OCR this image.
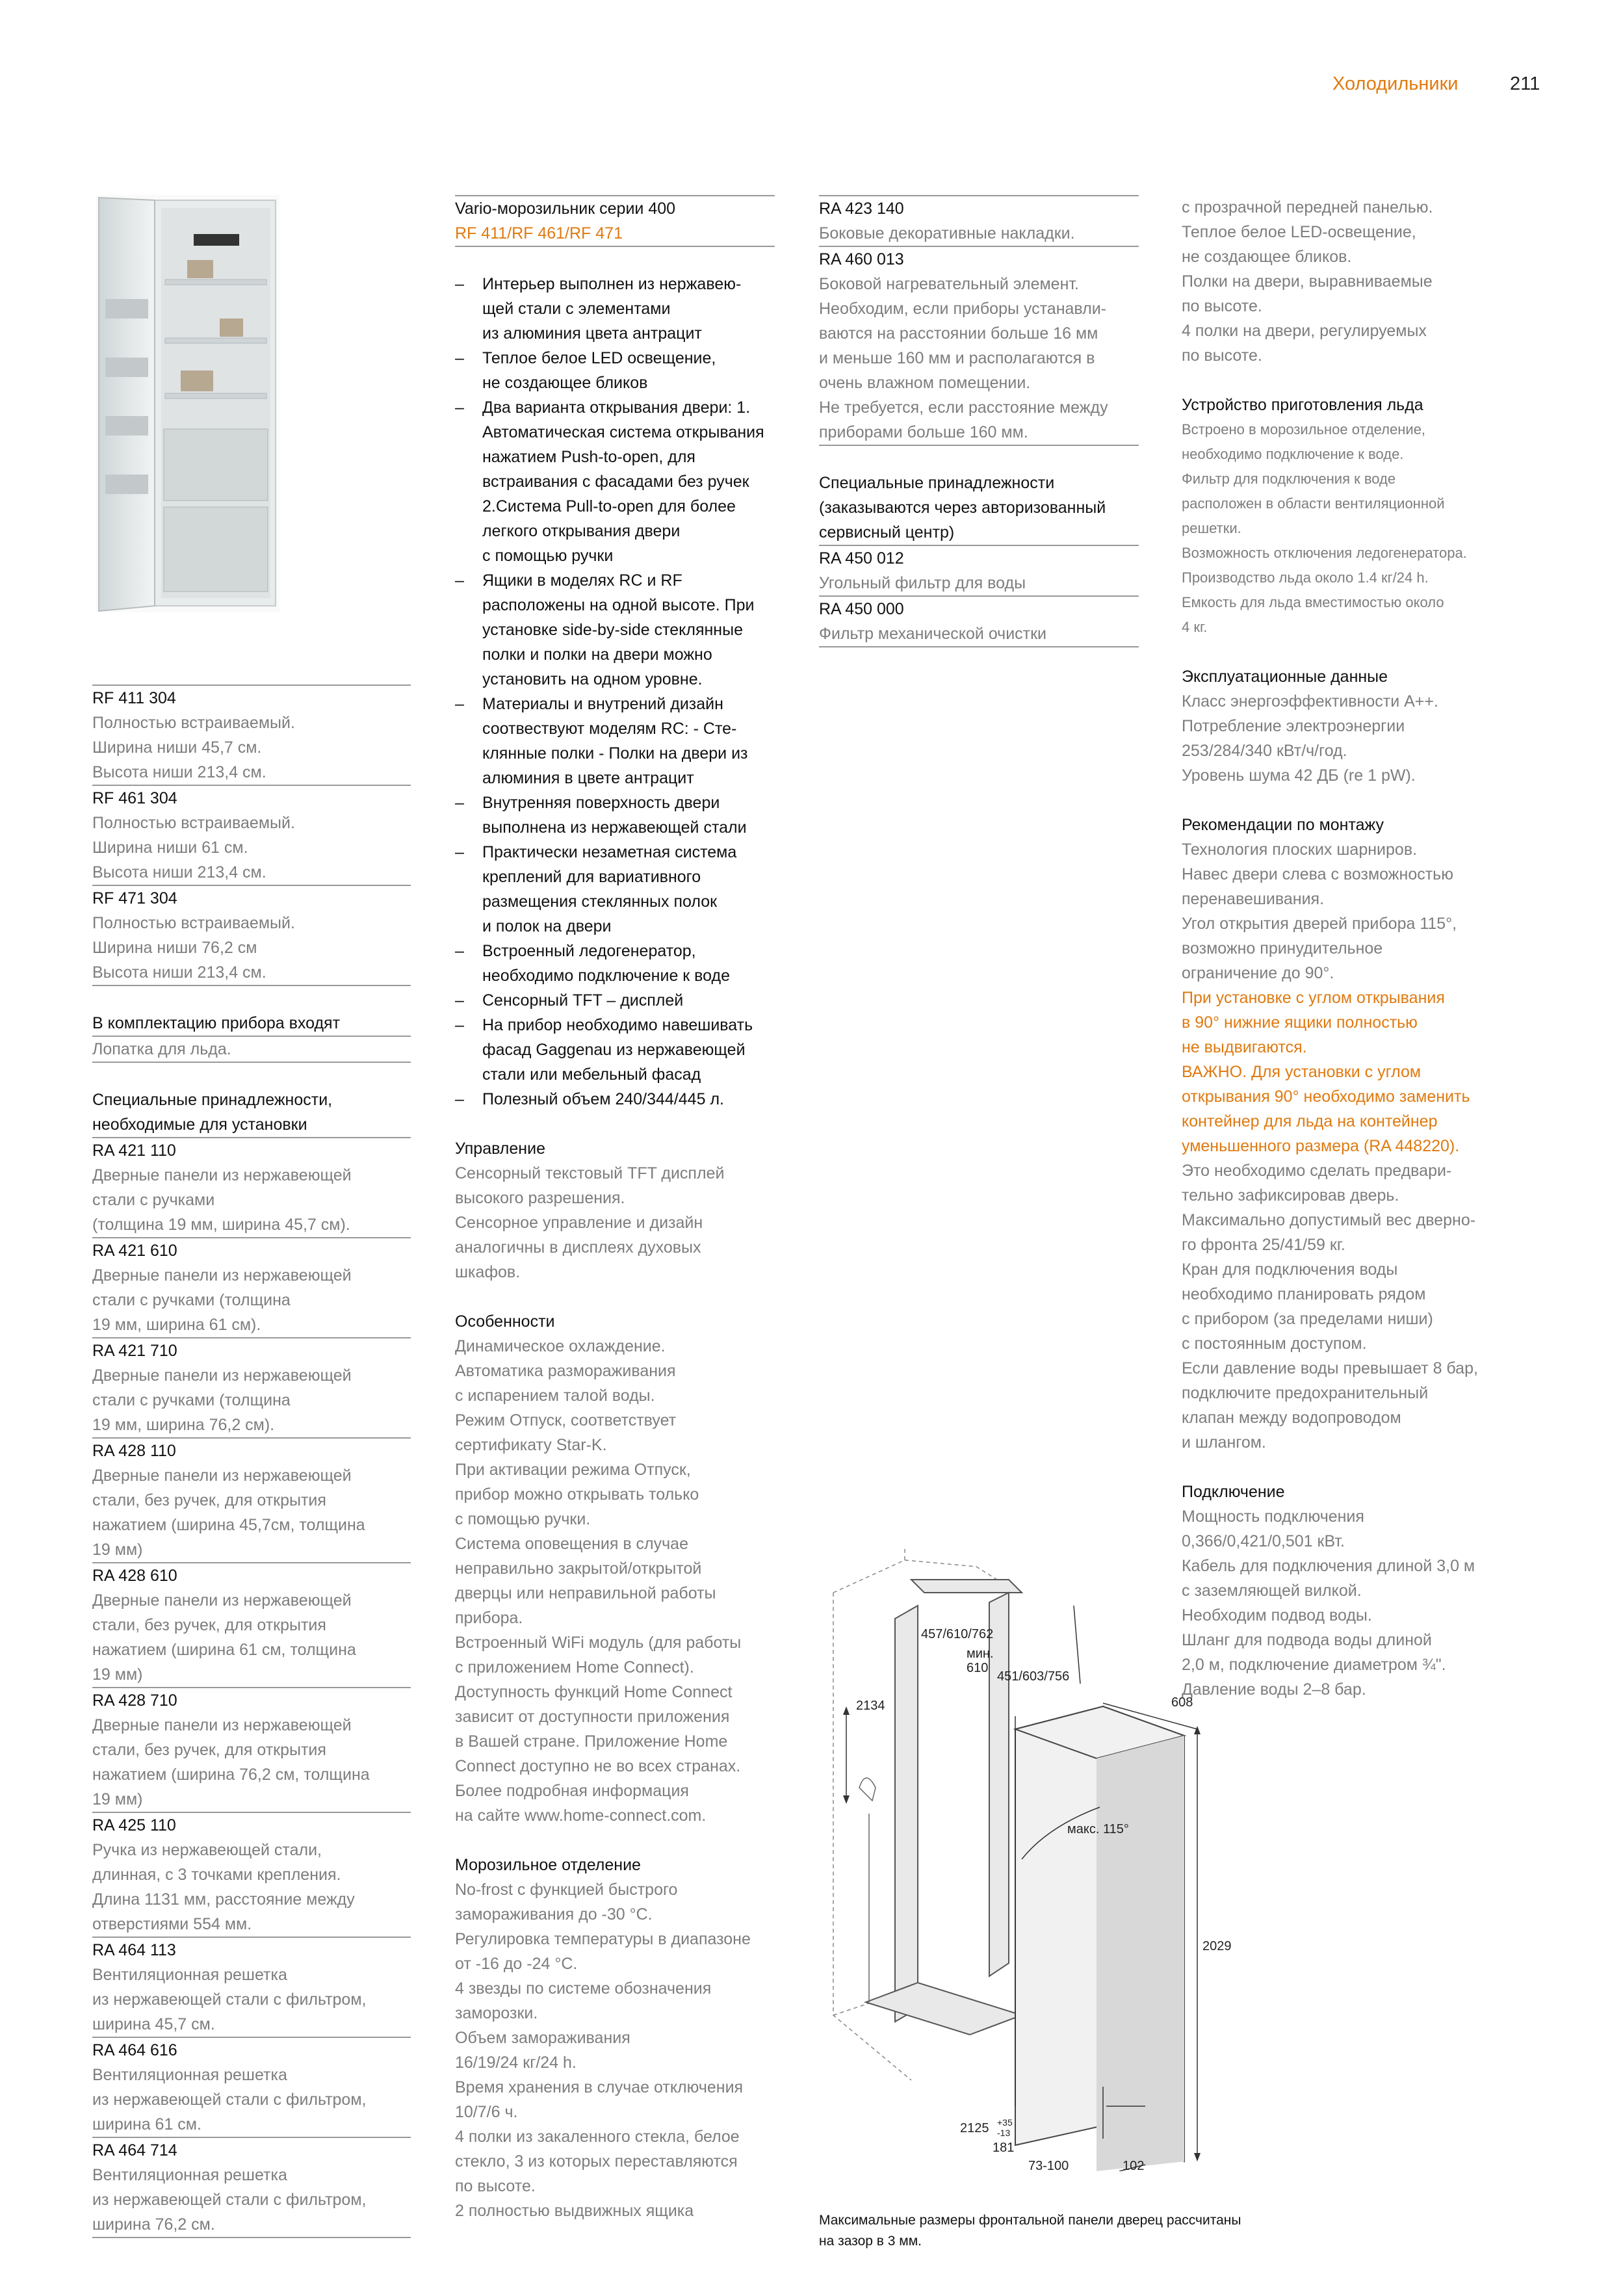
Холодильники	211
RF 411 304
Полностью встраиваемый.
Ширина ниши 45,7 см.
Высота ниши 213,4 см.
RF 461 304
Полностью встраиваемый.
Ширина ниши 61 см.
Высота ниши 213,4 см.
RF 471 304
Полностью встраиваемый.
Ширина ниши 76,2 см
Высота ниши 213,4 см.
В комплектацию прибора входят
Лопатка для льда.
Специальные принадлежности,
необходимые для установки
RA 421 110
Дверные панели из нержавеющей
стали с ручками
(толщина 19 мм, ширина 45,7 см).
RA 421 610
Дверные панели из нержавеющей
стали с ручками (толщина
19 мм, ширина 61 см).
RA 421 710
Дверные панели из нержавеющей
стали с ручками (толщина
19 мм, ширина 76,2 см).
RA 428 110
Дверные панели из нержавеющей
стали, без ручек, для открытия
нажатием (ширина 45,7см, толщина
19 мм)
RA 428 610
Дверные панели из нержавеющей
стали, без ручек, для открытия
нажатием (ширина 61 см, толщина
19 мм)
RA 428 710
Дверные панели из нержавеющей
стали, без ручек, для открытия
нажатием (ширина 76,2 см, толщина
19 мм)
RA 425 110
Ручка из нержавеющей стали,
длинная, с 3 точками крепления.
Длина 1131 мм, расстояние между
отверстиями 554 мм.
RA 464 113
Вентиляционная решетка
из нержавеющей стали с фильтром,
ширина 45,7 см.
RA 464 616
Вентиляционная решетка
из нержавеющей стали с фильтром,
ширина 61 см.
RA 464 714
Вентиляционная решетка
из нержавеющей стали с фильтром,
ширина 76,2 см.
Vario-морозильник серии 400
RF 411/RF 461/RF 471
– Интерьер выполнен из нержавею-
щей стали с элементами
из алюминия цвета антрацит
– Теплое белое LED освещение,
не создающее бликов
– Два варианта открывания двери: 1.
Автоматическая система открывания
нажатием Push-to-open, для
встраивания с фасадами без ручек
2.Система Pull-to-open для более
легкого открывания двери
с помощью ручки
– Ящики в моделях RC и RF
расположены на одной высоте. При
установке side-by-side стеклянные
полки и полки на двери можно
установить на одном уровне.
– Материалы и внутрений дизайн
соотвествуют моделям RC: - Сте-
клянные полки - Полки на двери из
алюминия в цвете антрацит
– Внутренняя поверхность двери
выполнена из нержавеющей стали
– Практически незаметная система
креплений для вариативного
размещения стеклянных полок
и полок на двери
– Встроенный ледогенератор,
необходимо подключение к воде
– Сенсорный TFT – дисплей
– На прибор необходимо навешивать
фасад Gaggenau из нержавеющей
стали или мебельный фасад
– Полезный объем 240/344/445 л.
Управление
Сенсорный текстовый TFT дисплей
высокого разрешения.
Сенсорное управление и дизайн
аналогичны в дисплеях духовых
шкафов.
Особенности
Динамическое охлаждение.
Автоматика размораживания
с испарением талой воды.
Режим Отпуск, соответствует
сертификату Star-K.
При активации режима Отпуск,
прибор можно открывать только
с помощью ручки.
Система оповещения в случае
неправильно закрытой/открытой
дверцы или неправильной работы
прибора.
Встроенный WiFi модуль (для работы
с приложением Home Connect).
Доступность функций Home Connect
зависит от доступности приложения
в Вашей стране. Приложение Home
Connect доступно не во всех странах.
Более подробная информация
на сайте www.home-connect.com.
Морозильное отделение
No-frost с функцией быстрого
замораживания до -30 °C.
Регулировка температуры в диапазоне
от -16 до -24 °C.
4 звезды по системе обозначения
заморозки.
Объем замораживания
16/19/24 кг/24 h.
Время хранения в случае отключения
10/7/6 ч.
4 полки из закаленного стекла, белое
стекло, 3 из которых переставляются
по высоте.
2 полностью выдвижных ящика
RA 423 140
Боковые декоративные накладки.
RA 460 013
Боковой нагревательный элемент.
Необходим, если приборы устанавли-
ваются на расстоянии больше 16 мм
и меньше 160 мм и располагаются в
очень влажном помещении.
Не требуется, если расстояние между
приборами больше 160 мм.
Специальные принадлежности
(заказываются через авторизованный
сервисный центр)
RA 450 012
Угольный фильтр для воды
RA 450 000
Фильтр механической очистки
с прозрачной передней панелью.
Теплое белое LED-освещение,
не создающее бликов.
Полки на двери, выравниваемые
по высоте.
4 полки на двери, регулируемых
по высоте.
Устройство приготовления льда
Встроено в морозильное отделение,
необходимо подключение к воде.
Фильтр для подключения к воде
расположен в области вентиляционной
решетки.
Возможность отключения ледогенератора.
Производство льда около 1.4 кг/24 h.
Емкость для льда вместимостью около
4 кг.
Эксплуатационные данные
Класс энергоэффективности A++.
Потребление электроэнергии
253/284/340 кВт/ч/год.
Уровень шума 42 ДБ (re 1 pW).
Рекомендации по монтажу
Технология плоских шарниров.
Навес двери слева с возможностью
перенавешивания.
Угол открытия дверей прибора 115°,
возможно принудительное
ограничение до 90°.
При установке с углом открывания
в 90° нижние ящики полностью
не выдвигаются.
ВАЖНО. Для установки с углом
открывания 90° необходимо заменить
контейнер для льда на контейнер
уменьшенного размера (RA 448220).
Это необходимо сделать предвари-
тельно зафиксировав дверь.
Максимально допустимый вес дверно-
го фронта 25/41/59 кг.
Кран для подключения воды
необходимо планировать рядом
с прибором (за пределами ниши)
с постоянным доступом.
Если давление воды превышает 8 бар,
подключите предохранительный
клапан между водопроводом
и шлангом.
Подключение
Мощность подключения
0,366/0,421/0,501 кВт.
Кабель для подключения длиной 3,0 м
с заземляющей вилкой.
Необходим подвод воды.
Шланг для подвода воды длиной
2,0 м, подключение диаметром ¾".
Давление воды 2–8 бар.
457/610/762
мин.
610
451/603/756
2134	608
макс. 115°
2029
2125 +35
-13
181
102
73-100
Максимальные размеры фронтальной панели дверец рассчитаны
на зазор в 3 мм.
